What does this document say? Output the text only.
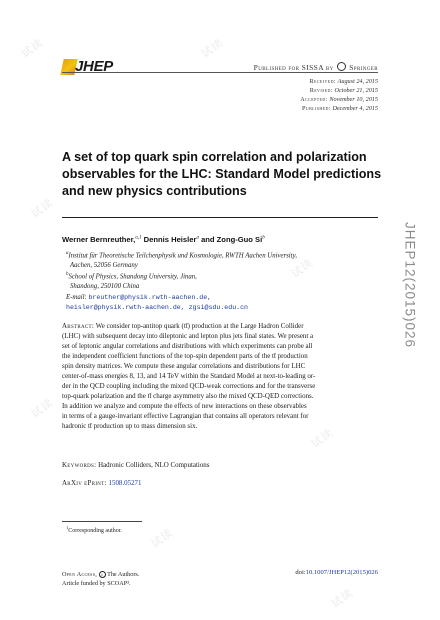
试读	试读
试读
试读
试读
试读
试读
试读
JHEP	Published for SISSA by Springer
Received: August 24, 2015
Revised: October 21, 2015
Accepted: November 10, 2015
Published: December 4, 2015
JHEP12(2015)026
A set of top quark spin correlation and polarization
observables for the LHC: Standard Model predictions
and new physics contributions
Werner Bernreuther,$^{a,1}$ Dennis Heisler$^a$ and Zong-Guo Si$^b$
$^a$Institut für Theoretische Teilchenphysik und Kosmologie, RWTH Aachen University,
Aachen, 52056 Germany
$^b$School of Physics, Shandong University, Jinan,
Shandong, 250100 China
E-mail: breuther@physik.rwth-aachen.de,
heisler@physik.rwth-aachen.de, zgsi@sdu.edu.cn
Abstract: We consider top-antitop quark (tt̄) production at the Large Hadron Collider
(LHC) with subsequent decay into dileptonic and lepton plus jets final states. We present a
set of leptonic angular correlations and distributions with which experiments can probe all
the independent coefficient functions of the top-spin dependent parts of the tt̄ production
spin density matrices. We compute these angular correlations and distributions for LHC
center-of-mass energies 8, 13, and 14 TeV within the Standard Model at next-to-leading or-
der in the QCD coupling including the mixed QCD-weak corrections and for the transverse
top-quark polarization and the tt̄ charge asymmetry also the mixed QCD-QED corrections.
In addition we analyze and compute the effects of new interactions on these observables
in terms of a gauge-invariant effective Lagrangian that contains all operators relevant for
hadronic tt̄ production up to mass dimension six.
Keywords: Hadronic Colliders, NLO Computations
ArXiv ePrint: 1508.05271
$^1$Corresponding author.
Open Access, c The Authors.
Article funded by SCOAP³.
doi:10.1007/JHEP12(2015)026
